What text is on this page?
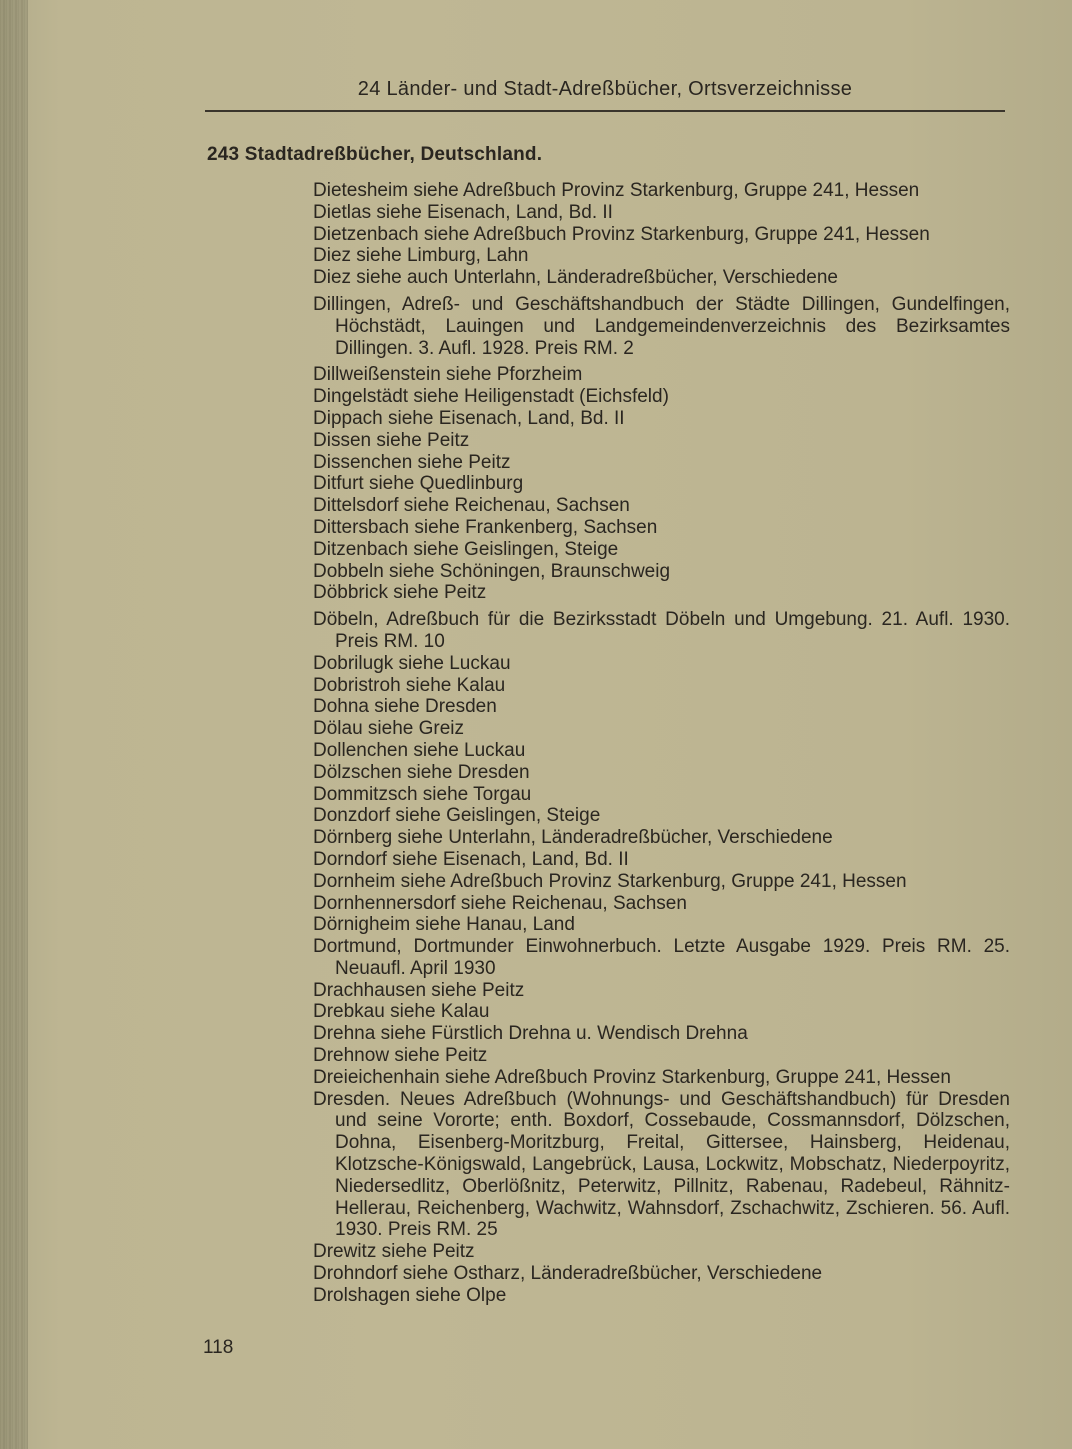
24 Länder- und Stadt-Adreßbücher, Ortsverzeichnisse
243 Stadtadreßbücher, Deutschland.
Dietesheim siehe Adreßbuch Provinz Starkenburg, Gruppe 241, Hessen
Dietlas siehe Eisenach, Land, Bd. II
Dietzenbach siehe Adreßbuch Provinz Starkenburg, Gruppe 241, Hessen
Diez siehe Limburg, Lahn
Diez siehe auch Unterlahn, Länderadreßbücher, Verschiedene
Dillingen, Adreß- und Geschäftshandbuch der Städte Dillingen, Gundelfingen, Höchstädt, Lauingen und Landgemeindenverzeichnis des Bezirksamtes Dillingen. 3. Aufl. 1928. Preis RM. 2
Dillweißenstein siehe Pforzheim
Dingelstädt siehe Heiligenstadt (Eichsfeld)
Dippach siehe Eisenach, Land, Bd. II
Dissen siehe Peitz
Dissenchen siehe Peitz
Ditfurt siehe Quedlinburg
Dittelsdorf siehe Reichenau, Sachsen
Dittersbach siehe Frankenberg, Sachsen
Ditzenbach siehe Geislingen, Steige
Dobbeln siehe Schöningen, Braunschweig
Döbbrick siehe Peitz
Döbeln, Adreßbuch für die Bezirksstadt Döbeln und Umgebung. 21. Aufl. 1930. Preis RM. 10
Dobrilugk siehe Luckau
Dobristroh siehe Kalau
Dohna siehe Dresden
Dölau siehe Greiz
Dollenchen siehe Luckau
Dölzschen siehe Dresden
Dommitzsch siehe Torgau
Donzdorf siehe Geislingen, Steige
Dörnberg siehe Unterlahn, Länderadreßbücher, Verschiedene
Dorndorf siehe Eisenach, Land, Bd. II
Dornheim siehe Adreßbuch Provinz Starkenburg, Gruppe 241, Hessen
Dornhennersdorf siehe Reichenau, Sachsen
Dörnigheim siehe Hanau, Land
Dortmund, Dortmunder Einwohnerbuch. Letzte Ausgabe 1929. Preis RM. 25. Neuaufl. April 1930
Drachhausen siehe Peitz
Drebkau siehe Kalau
Drehna siehe Fürstlich Drehna u. Wendisch Drehna
Drehnow siehe Peitz
Dreieichenhain siehe Adreßbuch Provinz Starkenburg, Gruppe 241, Hessen
Dresden. Neues Adreßbuch (Wohnungs- und Geschäftshandbuch) für Dresden und seine Vororte; enth. Boxdorf, Cossebaude, Cossmannsdorf, Dölzschen, Dohna, Eisenberg-Moritzburg, Freital, Gittersee, Hainsberg, Heidenau, Klotzsche-Königswald, Langebrück, Lausa, Lockwitz, Mobschatz, Niederpoyritz, Niedersedlitz, Oberlößnitz, Peterwitz, Pillnitz, Rabenau, Radebeul, Rähnitz-Hellerau, Reichenberg, Wachwitz, Wahnsdorf, Zschachwitz, Zschieren. 56. Aufl. 1930. Preis RM. 25
Drewitz siehe Peitz
Drohndorf siehe Ostharz, Länderadreßbücher, Verschiedene
Drolshagen siehe Olpe
118
